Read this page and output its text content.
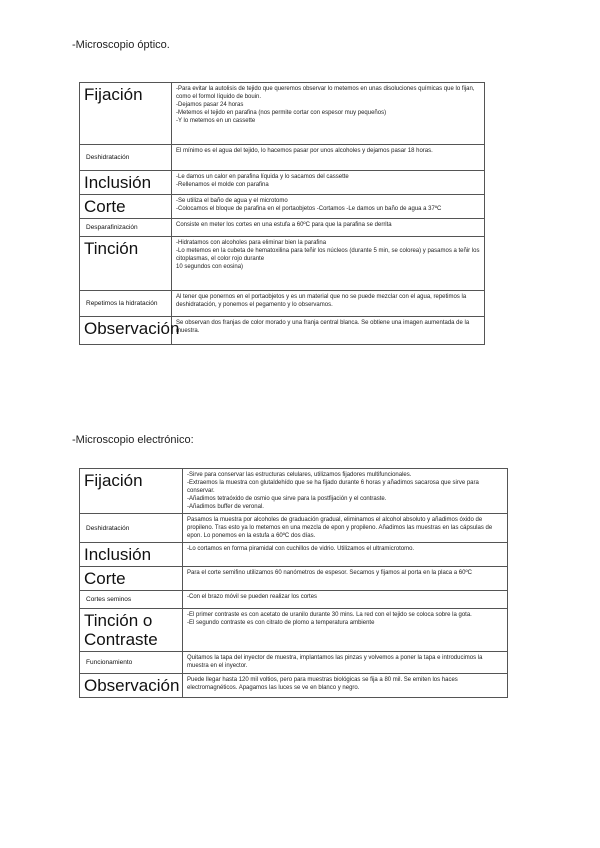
-Microscopio óptico.
Fijación	-Para evitar la autolisis de tejido que queremos observar lo metemos en unas disoluciones químicas que lo fijan, como el formol líquido de bouin.
-Dejamos pasar 24 horas
-Metemos el tejido en parafina (nos permite cortar con espesor muy pequeños)
-Y lo metemos en un cassette
Deshidratación	El mínimo es el agua del tejido, lo hacemos pasar por unos alcoholes y dejamos pasar 18 horas.
Inclusión	-Le damos un calor en parafina líquida y lo sacamos del cassette
-Rellenamos el molde con parafina
Corte	-Se utiliza el baño de agua y el microtomo
-Colocamos el bloque de parafina en el portaobjetos -Cortamos -Le damos un baño de agua a 37ºC
Desparafinización	Consiste en meter los cortes en una estufa a 60ºC para que la parafina se derrita
Tinción	-Hidratamos con alcoholes para eliminar bien la parafina
-Lo metemos en la cubeta de hematoxilina para teñir los núcleos (durante 5 min, se colorea) y pasamos a teñir los citoplasmas, el color rojo durante
10 segundos con eosina)
Repetimos la hidratación	Al tener que ponernos en el portaobjetos y es un material que no se puede mezclar con el agua, repetimos la deshidratación, y ponemos el pegamento y lo observamos.
Observación	Se observan dos franjas de color morado y una franja central blanca. Se obtiene una imagen aumentada de la muestra.
-Microscopio electrónico:
Fijación	-Sirve para conservar las estructuras celulares, utilizamos fijadores multifuncionales.
-Extraemos la muestra con glutaldehído que se ha fijado durante 6 horas y añadimos sacarosa que sirve para conservar.
-Añadimos tetraóxido de osmio que sirve para la postfijación y el contraste.
-Añadimos buffer de veronal.
Deshidratación	Pasamos la muestra por alcoholes de graduación gradual, eliminamos el alcohol absoluto y añadimos óxido de propileno. Tras esto ya lo metemos en una mezcla de epon y propileno. Añadimos las muestras en las cápsulas de epon. Lo ponemos en la estufa a 60ºC dos días.
Inclusión	-Lo cortamos en forma piramidal con cuchillos de vidrio. Utilizamos el ultramicrotomo.
Corte	Para el corte semifino utilizamos 60 nanómetros de espesor. Secamos y fijamos al porta en la placa a 60ºC
Cortes seminos	-Con el brazo móvil se pueden realizar los cortes
Tinción o Contraste	-El primer contraste es con acetato de uranilo durante 30 mins. La red con el tejido se coloca sobre la gota.
-El segundo contraste es con citrato de plomo a temperatura ambiente
Funcionamiento	Quitamos la tapa del inyector de muestra, implantamos las pinzas y volvemos a poner la tapa e introducimos la muestra en el inyector.
Observación	Puede llegar hasta 120 mil voltios, pero para muestras biológicas se fija a 80 mil. Se emiten los haces electromagnéticos. Apagamos las luces se ve en blanco y negro.
